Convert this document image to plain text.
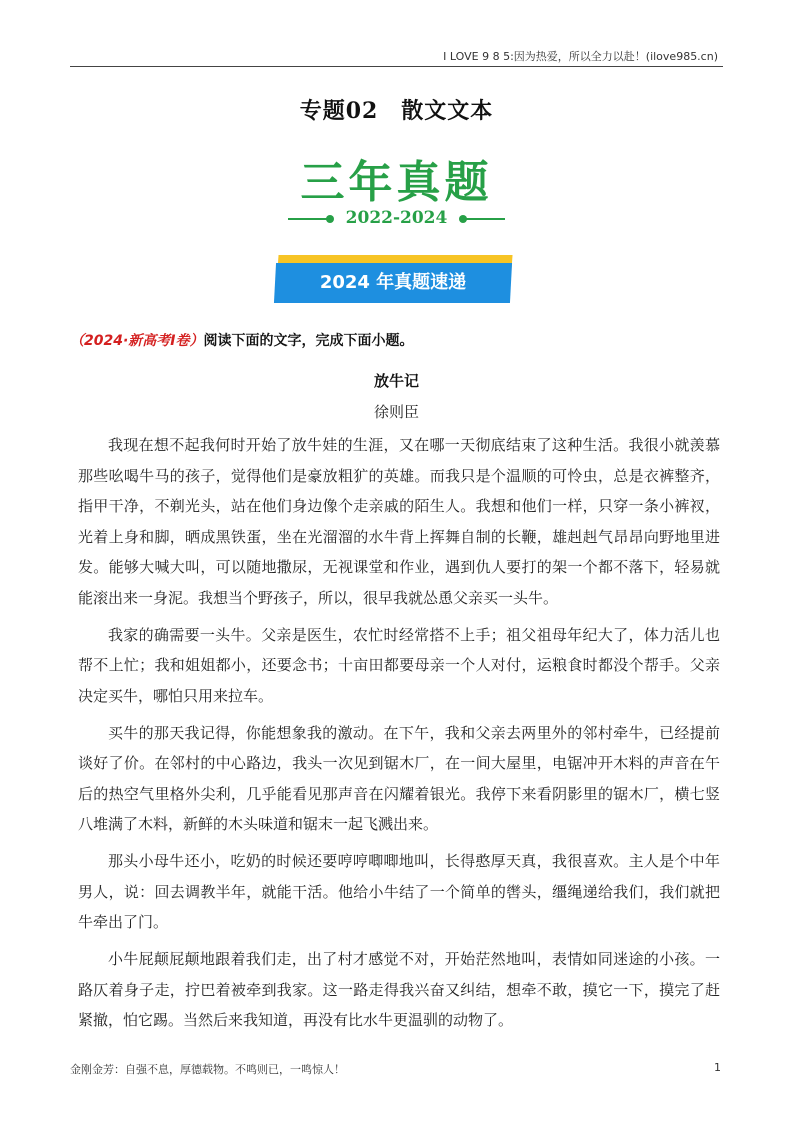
I LOVE 9 8 5:因为热爱，所以全力以赴！(ilove985.cn)
专题02　散文文本
三年真题
2022-2024
2024 年真题速递
（2024·新高考Ⅰ卷）阅读下面的文字，完成下面小题。
放牛记
徐则臣

我现在想不起我何时开始了放牛娃的生涯，又在哪一天彻底结束了这种生活。我很小就羡慕那些吆喝牛马的孩子，觉得他们是豪放粗犷的英雄。而我只是个温顺的可怜虫，总是衣裤整齐，指甲干净，不剃光头，站在他们身边像个走亲戚的陌生人。我想和他们一样，只穿一条小裤衩，光着上身和脚，晒成黑铁蛋，坐在光溜溜的水牛背上挥舞自制的长鞭，雄赳赳气昂昂向野地里进发。能够大喊大叫，可以随地撒尿，无视课堂和作业，遇到仇人要打的架一个都不落下，轻易就能滚出来一身泥。我想当个野孩子，所以，很早我就怂恿父亲买一头牛。

我家的确需要一头牛。父亲是医生，农忙时经常搭不上手；祖父祖母年纪大了，体力活儿也帮不上忙；我和姐姐都小，还要念书；十亩田都要母亲一个人对付，运粮食时都没个帮手。父亲决定买牛，哪怕只用来拉车。

买牛的那天我记得，你能想象我的激动。在下午，我和父亲去两里外的邻村牵牛，已经提前谈好了价。在邻村的中心路边，我头一次见到锯木厂，在一间大屋里，电锯冲开木料的声音在午后的热空气里格外尖利，几乎能看见那声音在闪耀着银光。我停下来看阴影里的锯木厂，横七竖八堆满了木料，新鲜的木头味道和锯末一起飞溅出来。

那头小母牛还小，吃奶的时候还要哼哼唧唧地叫，长得憨厚天真，我很喜欢。主人是个中年男人，说：回去调教半年，就能干活。他给小牛结了一个简单的辔头，缰绳递给我们，我们就把牛牵出了门。

小牛屁颠屁颠地跟着我们走，出了村才感觉不对，开始茫然地叫，表情如同迷途的小孩。一路仄着身子走，拧巴着被牵到我家。这一路走得我兴奋又纠结，想牵不敢，摸它一下，摸完了赶紧撤，怕它踢。当然后来我知道，再没有比水牛更温驯的动物了。

金刚金芳：自强不息，厚德载物。不鸣则已，一鸣惊人！	1
